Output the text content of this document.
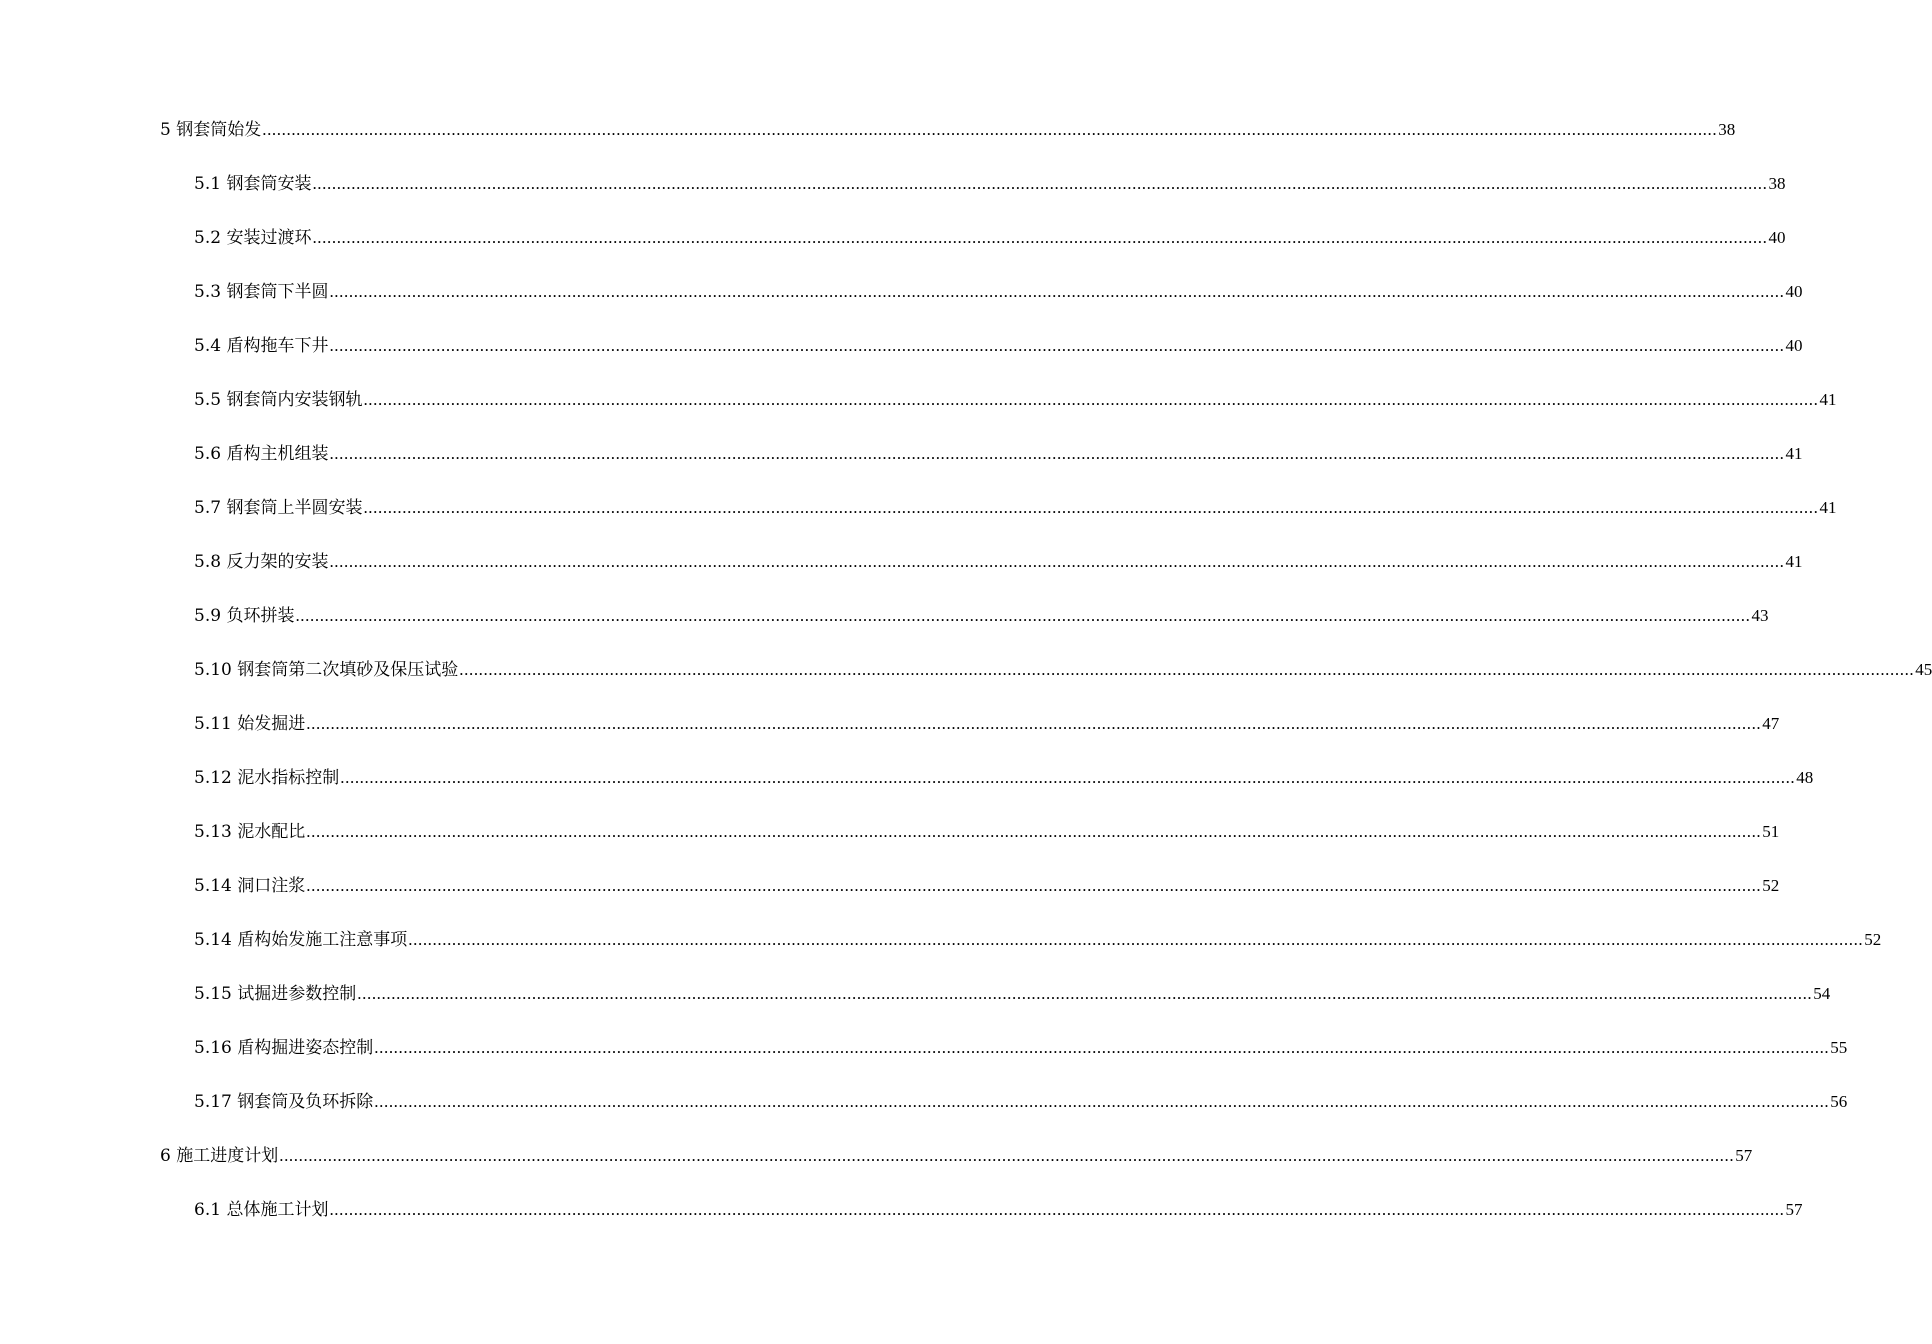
5 钢套筒始发 ............................................................................................................................................................................................................................................................................................................ 38
5.1 钢套筒安装 ............................................................................................................................................................................................................................................................................................................ 38
5.2 安装过渡环 ............................................................................................................................................................................................................................................................................................................ 40
5.3 钢套筒下半圆 ............................................................................................................................................................................................................................................................................................................ 40
5.4 盾构拖车下井 ............................................................................................................................................................................................................................................................................................................ 40
5.5 钢套筒内安装钢轨 ............................................................................................................................................................................................................................................................................................................ 41
5.6 盾构主机组装 ............................................................................................................................................................................................................................................................................................................ 41
5.7 钢套筒上半圆安装 ............................................................................................................................................................................................................................................................................................................ 41
5.8 反力架的安装 ............................................................................................................................................................................................................................................................................................................ 41
5.9 负环拼装 ............................................................................................................................................................................................................................................................................................................ 43
5.10 钢套筒第二次填砂及保压试验 ............................................................................................................................................................................................................................................................................................................ 45
5.11 始发掘进 ............................................................................................................................................................................................................................................................................................................ 47
5.12 泥水指标控制 ............................................................................................................................................................................................................................................................................................................ 48
5.13 泥水配比 ............................................................................................................................................................................................................................................................................................................ 51
5.14 洞口注浆 ............................................................................................................................................................................................................................................................................................................ 52
5.14 盾构始发施工注意事项 ............................................................................................................................................................................................................................................................................................................ 52
5.15 试掘进参数控制 ............................................................................................................................................................................................................................................................................................................ 54
5.16 盾构掘进姿态控制 ............................................................................................................................................................................................................................................................................................................ 55
5.17 钢套筒及负环拆除 ............................................................................................................................................................................................................................................................................................................ 56
6 施工进度计划 ............................................................................................................................................................................................................................................................................................................ 57
6.1 总体施工计划 ............................................................................................................................................................................................................................................................................................................ 57
